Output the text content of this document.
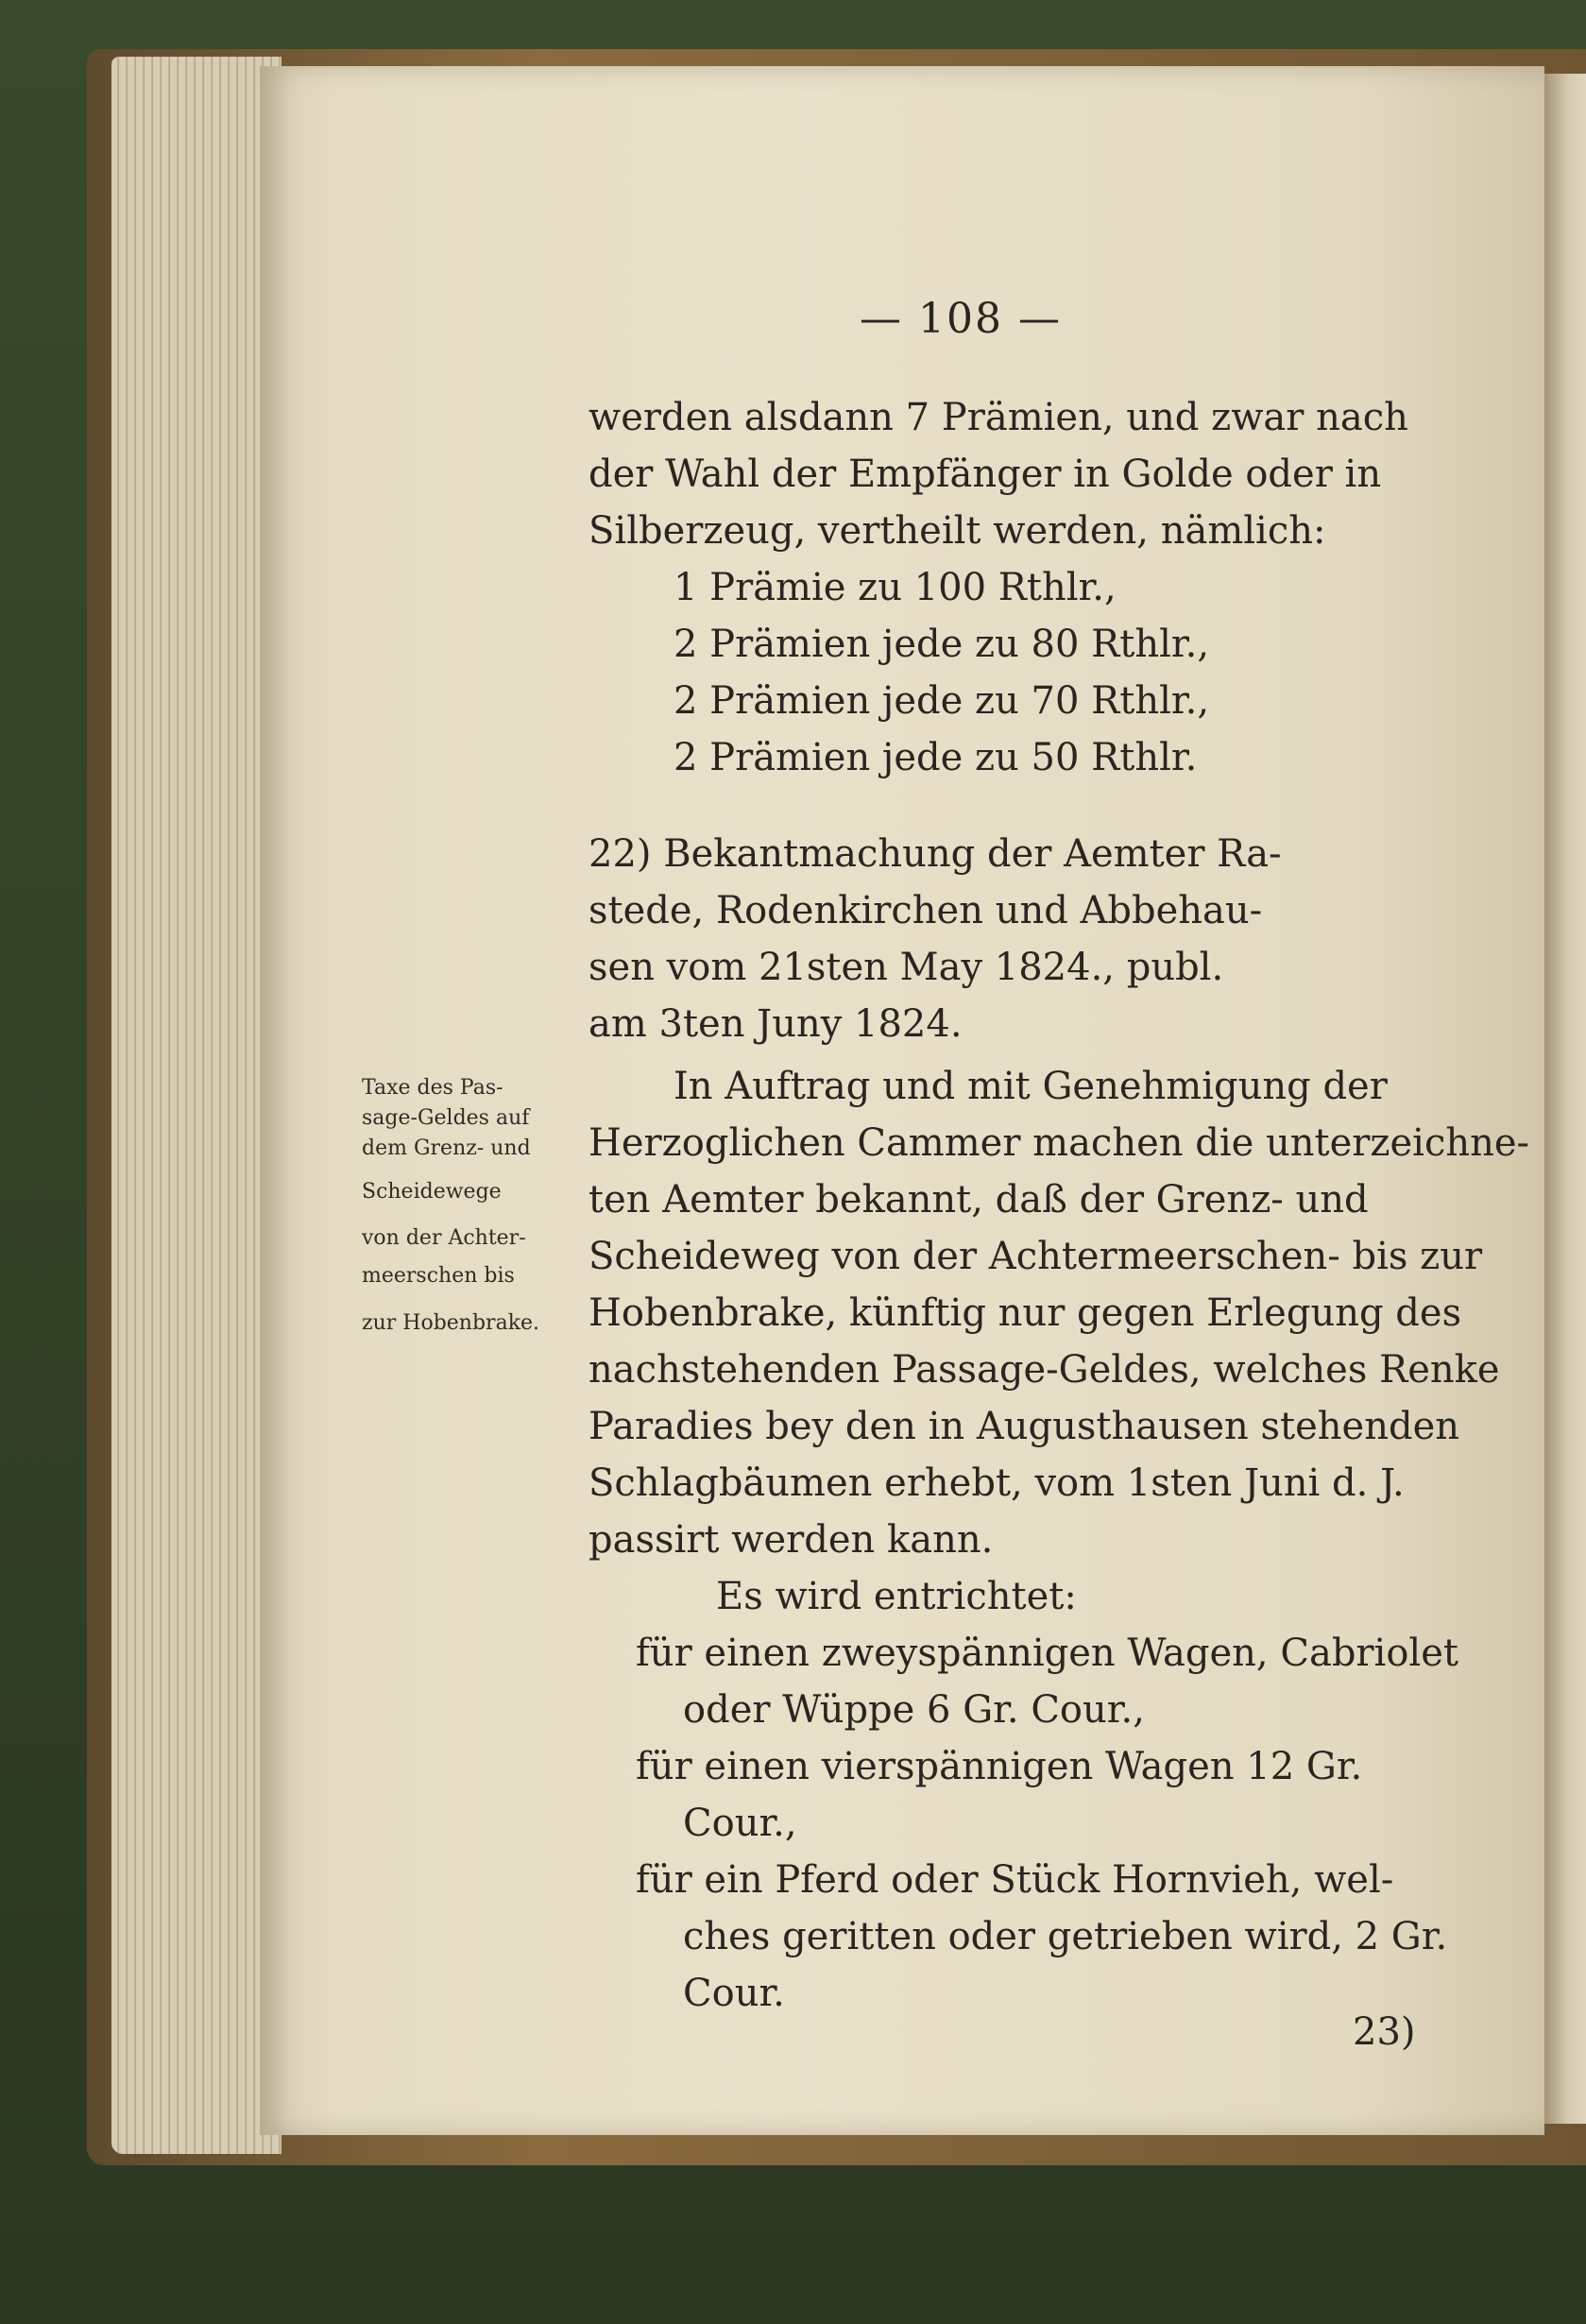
— 108 —
werden alsdann 7 Prämien, und zwar nach
der Wahl der Empfänger in Golde oder in
Silberzeug, vertheilt werden, nämlich:
1 Prämie zu 100 Rthlr.,
2 Prämien jede zu 80 Rthlr.,
2 Prämien jede zu 70 Rthlr.,
2 Prämien jede zu 50 Rthlr.
22) Bekantmachung der Aemter Ra-
stede, Rodenkirchen und Abbehau-
sen vom 21sten May 1824., publ.
am 3ten Juny 1824.
In Auftrag und mit Genehmigung der
Herzoglichen Cammer machen die unterzeichne-
ten Aemter bekannt, daß der Grenz- und
Scheideweg von der Achtermeerschen- bis zur
Hobenbrake, künftig nur gegen Erlegung des
nachstehenden Passage-Geldes, welches Renke
Paradies bey den in Augusthausen stehenden
Schlagbäumen erhebt, vom 1sten Juni d. J.
passirt werden kann.
Es wird entrichtet:
für einen zweyspännigen Wagen, Cabriolet
oder Wüppe 6 Gr. Cour.,
für einen vierspännigen Wagen 12 Gr.
Cour.,
für ein Pferd oder Stück Hornvieh, wel-
ches geritten oder getrieben wird, 2 Gr.
Cour.
Taxe des Pas-
sage-Geldes auf
dem Grenz- und
Scheidewege
von der Achter-
meerschen bis
zur Hobenbrake.
23)
